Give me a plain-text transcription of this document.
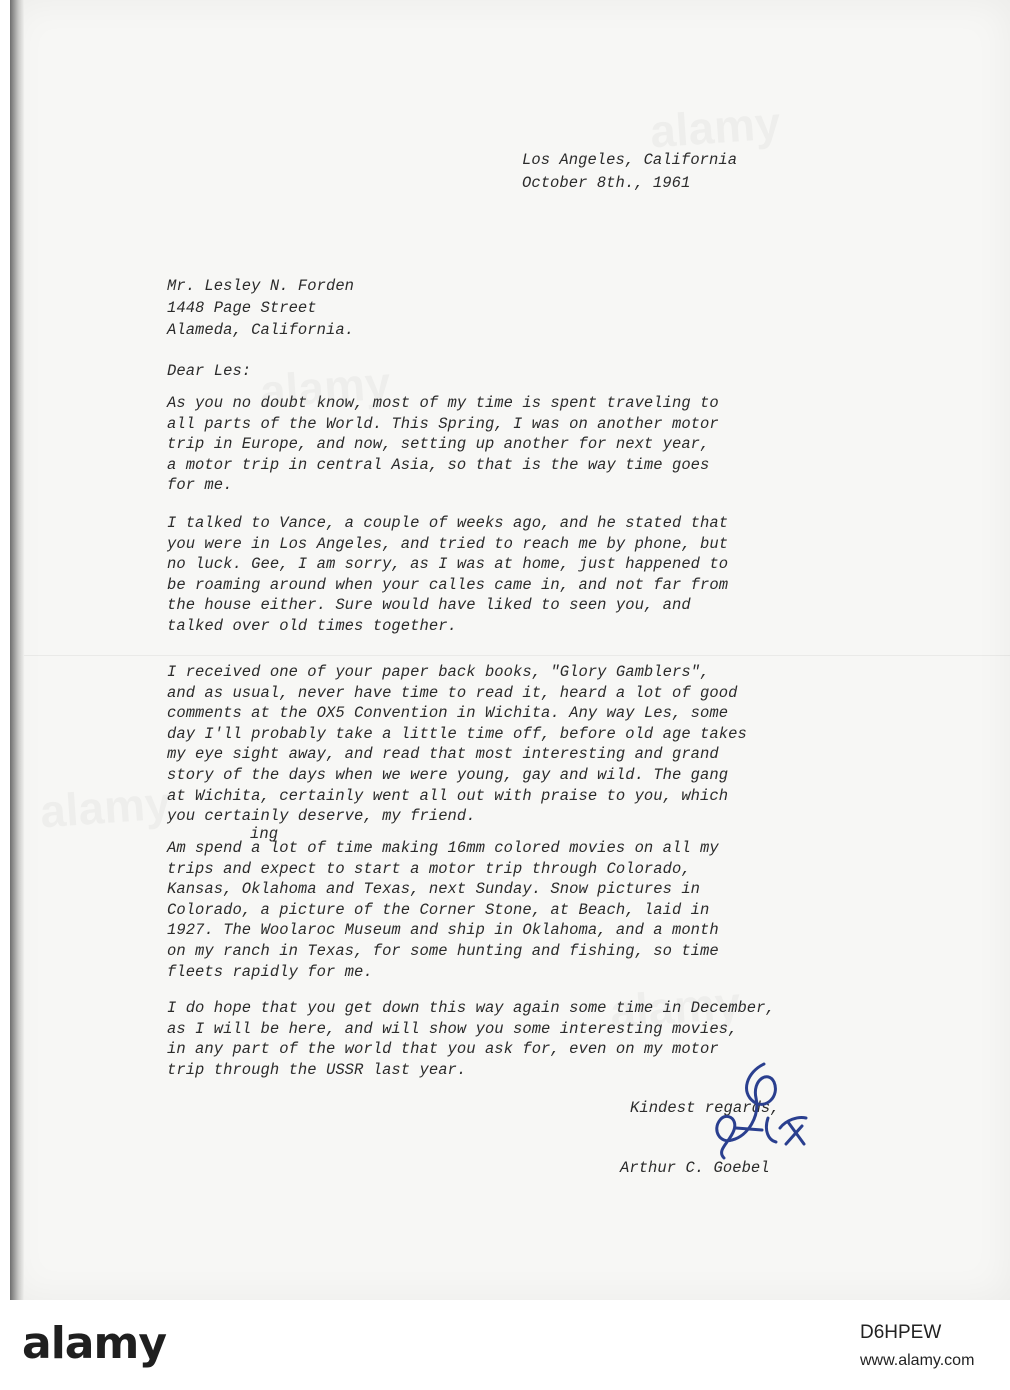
Los Angeles, California
October 8th., 1961
Mr. Lesley N. Forden
1448 Page Street
Alameda, California.
Dear Les:
As you no doubt know, most of my time is spent traveling to
all parts of the World. This Spring, I was on another motor
trip in Europe, and now, setting up another for next year,
a motor trip in central Asia, so that is the way time goes
for me.
I talked to Vance, a couple of weeks ago, and he stated that
you were in Los Angeles, and tried to reach me by phone, but
no luck. Gee, I am sorry, as I was at home, just happened to
be roaming around when your calles came in, and not far from
the house either. Sure would have liked to seen you, and
talked over old times together.
I received one of your paper back books, "Glory Gamblers",
and as usual, never have time to read it, heard a lot of good
comments at the OX5 Convention in Wichita. Any way Les, some
day I'll probably take a little time off, before old age takes
my eye sight away, and read that most interesting and grand
story of the days when we were young, gay and wild. The gang
at Wichita, certainly went all out with praise to you, which
you certainly deserve, my friend.
ing
Am spend a lot of time making 16mm colored movies on all my
trips and expect to start a motor trip through Colorado,
Kansas, Oklahoma and Texas, next Sunday. Snow pictures in
Colorado, a picture of the Corner Stone, at Beach, laid in
1927. The Woolaroc Museum and ship in Oklahoma, and a month
on my ranch in Texas, for some hunting and fishing, so time
fleets rapidly for me.
I do hope that you get down this way again some time in December,
as I will be here, and will show you some interesting movies,
in any part of the world that you ask for, even on my motor
trip through the USSR last year.
Kindest regards,
Arthur C. Goebel
alamy	D6HPEW
www.alamy.com
